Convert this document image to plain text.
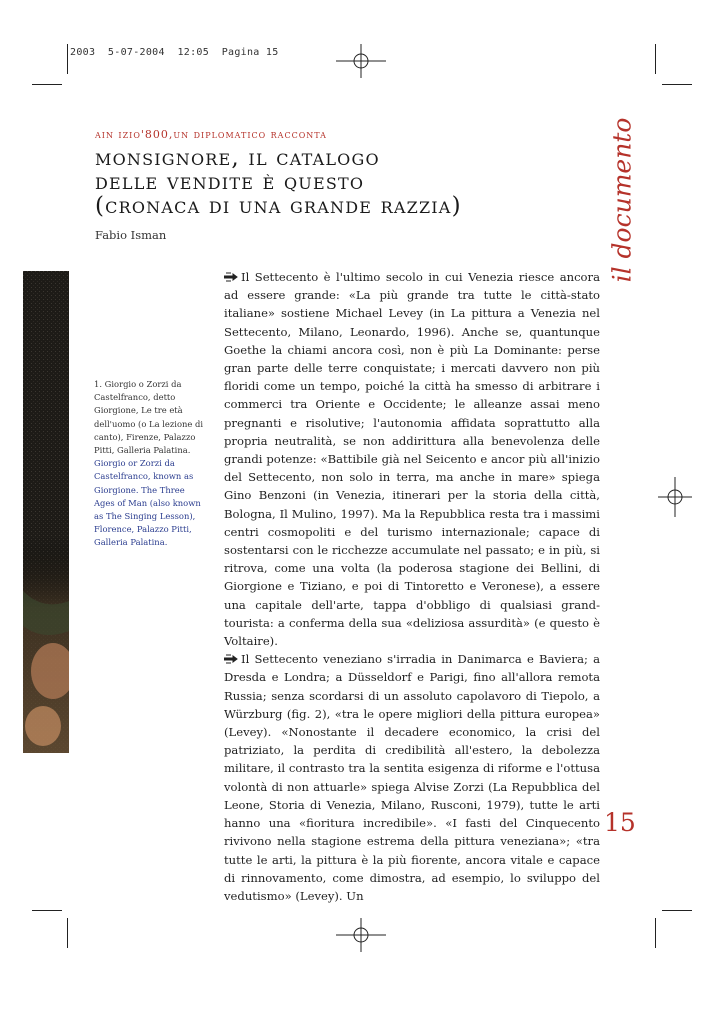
2003  5-07-2004  12:05  Pagina 15
ain izio'800,un diplomatico racconta
monsignore, il catalogo
delle vendite è questo
(cronaca di una grande razzia)
Fabio Isman	il documento
1. Giorgio o Zorzi da Castelfranco, detto Giorgione, Le tre età dell'uomo (o La lezione di canto), Firenze, Palazzo Pitti, Galleria Palatina.
Giorgio or Zorzi da Castelfranco, known as Giorgione. The Three Ages of Man (also known as The Singing Lesson), Florence, Palazzo Pitti, Galleria Palatina.

Il Settecento è l'ultimo secolo in cui Venezia riesce ancora ad essere grande: «La più grande tra tutte le città-stato italiane» sostiene Michael Levey (in La pittura a Venezia nel Settecento, Milano, Leonardo, 1996). Anche se, quantunque Goethe la chiami ancora così, non è più La Dominante: perse gran parte delle terre conquistate; i mercati davvero non più floridi come un tempo, poiché la città ha smesso di arbitrare i commerci tra Oriente e Occidente; le alleanze assai meno pregnanti e risolutive; l'autonomia affidata soprattutto alla propria neutralità, se non addirittura alla benevolenza delle grandi potenze: «Battibile già nel Seicento e ancor più all'inizio del Settecento, non solo in terra, ma anche in mare» spiega Gino Benzoni (in Venezia, itinerari per la storia della città, Bologna, Il Mulino, 1997). Ma la Repubblica resta tra i massimi centri cosmopoliti e del turismo internazionale; capace di sostentarsi con le ricchezze accumulate nel passato; e in più, si ritrova, come una volta (la poderosa stagione dei Bellini, di Giorgione e Tiziano, e poi di Tintoretto e Veronese), a essere una capitale dell'arte, tappa d'obbligo di qualsiasi grand-tourista: a conferma della sua «deliziosa assurdità» (e questo è Voltaire).

Il Settecento veneziano s'irradia in Danimarca e Baviera; a Dresda e Londra; a Düsseldorf e Parigi, fino all'allora remota Russia; senza scordarsi di un assoluto capolavoro di Tiepolo, a Würzburg (fig. 2), «tra le opere migliori della pittura europea» (Levey). «Nonostante il decadere economico, la crisi del patriziato, la perdita di credibilità all'estero, la debolezza militare, il contrasto tra la sentita esigenza di riforme e l'ottusa volontà di non attuarle» spiega Alvise Zorzi (La Repubblica del Leone, Storia di Venezia, Milano, Rusconi, 1979), tutte le arti hanno una «fioritura incredibile». «I fasti del Cinquecento rivivono nella stagione estrema della pittura veneziana»; «tra tutte le arti, la pittura è la più fiorente, ancora vitale e capace di rinnovamento, come dimostra, ad esempio, lo sviluppo del vedutismo» (Levey). Un

15
